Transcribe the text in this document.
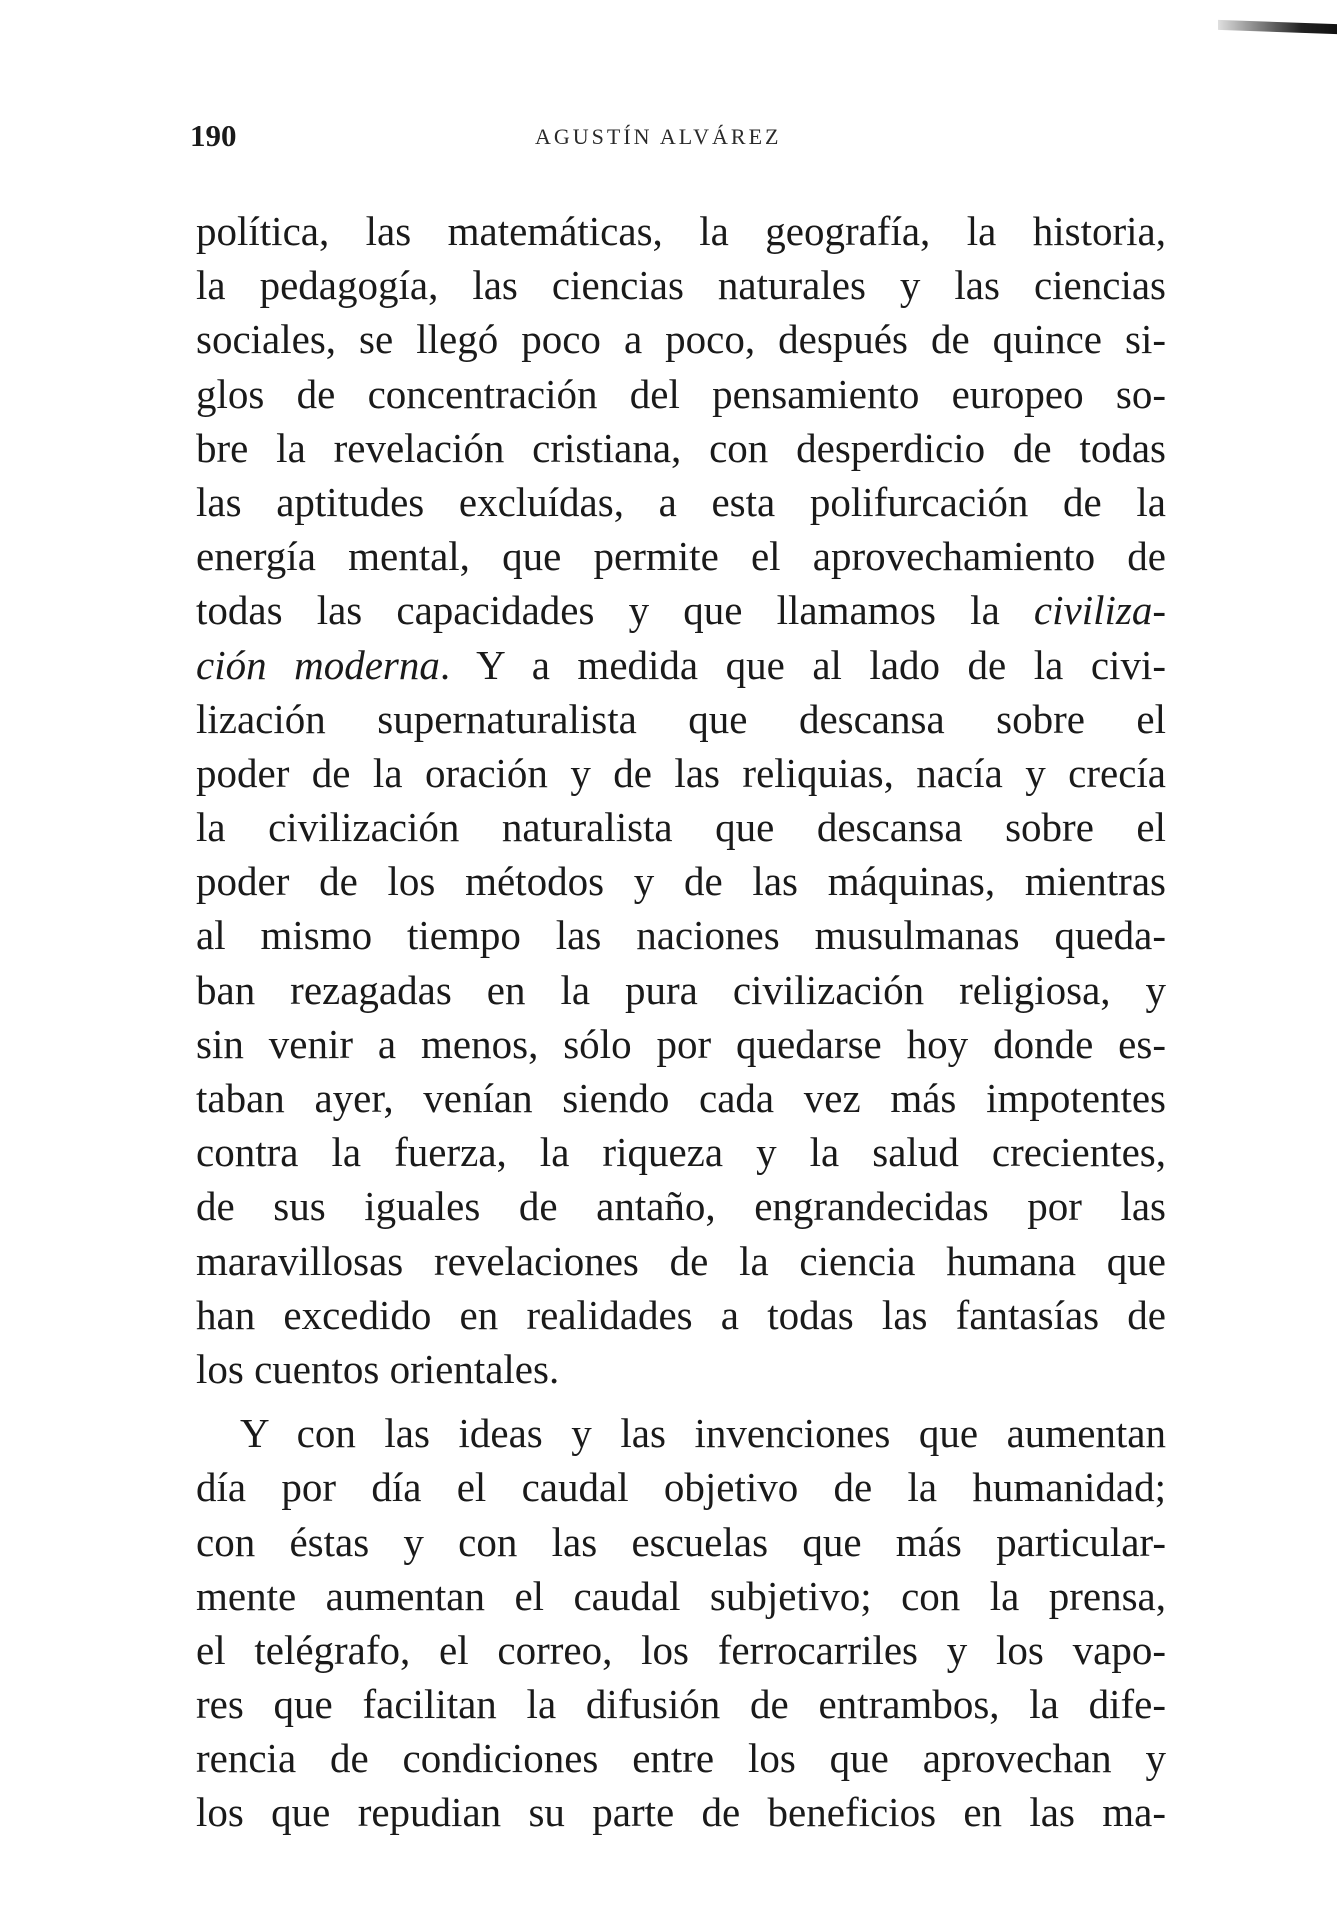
190	AGUSTÍN ALVÁREZ
política, las matemáticas, la geografía, la historia,
la pedagogía, las ciencias naturales y las ciencias
sociales, se llegó poco a poco, después de quince si-
glos de concentración del pensamiento europeo so-
bre la revelación cristiana, con desperdicio de todas
las aptitudes excluídas, a esta polifurcación de la
energía mental, que permite el aprovechamiento de
todas las capacidades y que llamamos la civiliza-
ción moderna. Y a medida que al lado de la civi-
lización supernaturalista que descansa sobre el
poder de la oración y de las reliquias, nacía y crecía
la civilización naturalista que descansa sobre el
poder de los métodos y de las máquinas, mientras
al mismo tiempo las naciones musulmanas queda-
ban rezagadas en la pura civilización religiosa, y
sin venir a menos, sólo por quedarse hoy donde es-
taban ayer, venían siendo cada vez más impotentes
contra la fuerza, la riqueza y la salud crecientes,
de sus iguales de antaño, engrandecidas por las
maravillosas revelaciones de la ciencia humana que
han excedido en realidades a todas las fantasías de
los cuentos orientales.
Y con las ideas y las invenciones que aumentan
día por día el caudal objetivo de la humanidad;
con éstas y con las escuelas que más particular-
mente aumentan el caudal subjetivo; con la prensa,
el telégrafo, el correo, los ferrocarriles y los vapo-
res que facilitan la difusión de entrambos, la dife-
rencia de condiciones entre los que aprovechan y
los que repudian su parte de beneficios en las ma-
